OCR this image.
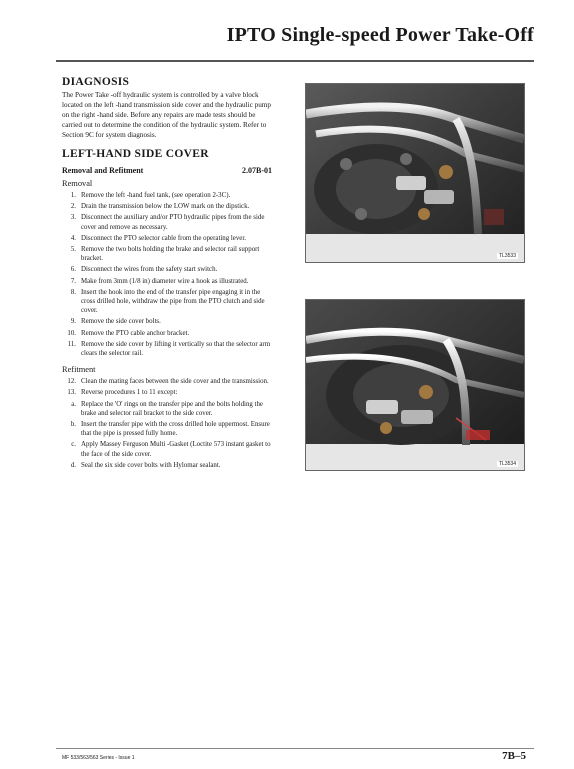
IPTO Single-speed Power Take-Off
DIAGNOSIS

The Power Take -off hydraulic system is controlled by a valve block located on the left -hand transmission side cover and the hydraulic pump on the right -hand side. Before any repairs are made tests should be carried out to determine the condition of the hydraulic system. Refer to Section 9C for system diagnosis.

LEFT-HAND SIDE COVER
Removal and Refitment	2.07B-01
Removal
1. Remove the left -hand fuel tank, (see operation 2-3C).
2. Drain the transmission below the LOW mark on the dipstick.
3. Disconnect the auxiliary and/or PTO hydraulic pipes from the side cover and remove as necessary.
4. Disconnect the PTO selector cable from the operating lever.
5. Remove the two bolts holding the brake and selector rail support bracket.
6. Disconnect the wires from the safety start switch.
7. Make from 3mm (1/8 in) diameter wire a hook as illustrated.
8. Insert the hook into the end of the transfer pipe engaging it in the cross drilled hole, withdraw the pipe from the PTO clutch and side cover.
9. Remove the side cover bolts.
10. Remove the PTO cable anchor bracket.
11. Remove the side cover by lifting it vertically so that the selector arm clears the selector rail.
Refitment
12. Clean the mating faces between the side cover and the transmission.
13. Reverse procedures 1 to 11 except:
a. Replace the 'O' rings on the transfer pipe and the bolts holding the brake and selector rail bracket to the side cover.
b. Insert the transfer pipe with the cross drilled hole uppermost. Ensure that the pipe is pressed fully home.
c. Apply Massey Ferguson Multi -Gasket (Loctite 573 instant gasket to the face of the side cover.
d. Seal the six side cover bolts with Hylomar sealant.
TL3533
TL3534
MF 533/563/563 Series - Issue 1	7B–5
